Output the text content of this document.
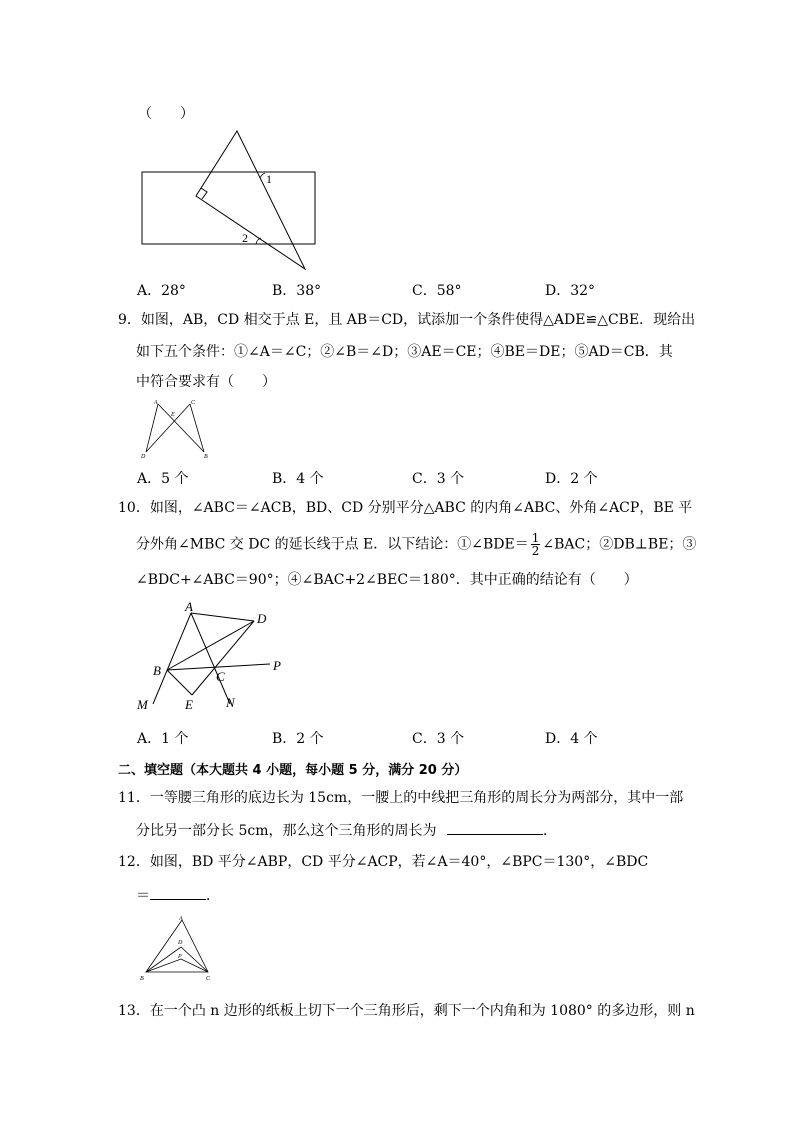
（　　）
1
2
A．28°	B．38°	C．58°	D．32°
9．如图，AB，CD 相交于点 E，且 AB＝CD，试添加一个条件使得△ADE≌△CBE．现给出
如下五个条件：①∠A＝∠C；②∠B＝∠D；③AE＝CE；④BE＝DE；⑤AD＝CB．其
中符合要求有（　　）
A	C
E
D	B
A．5 个	B．4 个	C．3 个	D．2 个
10．如图，∠ABC＝∠ACB，BD、CD 分别平分△ABC 的内角∠ABC、外角∠ACP，BE 平
分外角∠MBC 交 DC 的延长线于点 E．以下结论：①∠BDE＝ $\frac{1}{2}$ ∠BAC；②DB⊥BE；③
∠BDC+∠ABC＝90°；④∠BAC+2∠BEC＝180°．其中正确的结论有（　　）
A
D
B	P
C
M	E	N
A．1 个	B．2 个	C．3 个	D．4 个
二、填空题（本大题共 4 小题，每小题 5 分，满分 20 分）
11．一等腰三角形的底边长为 15cm，一腰上的中线把三角形的周长分为两部分，其中一部
分比另一部分长 5cm，那么这个三角形的周长为	．
12．如图，BD 平分∠ABP，CD 平分∠ACP，若∠A＝40°，∠BPC＝130°，∠BDC
＝	．
A
D
P
B	C
13．在一个凸 n 边形的纸板上切下一个三角形后，剩下一个内角和为 1080° 的多边形，则 n
